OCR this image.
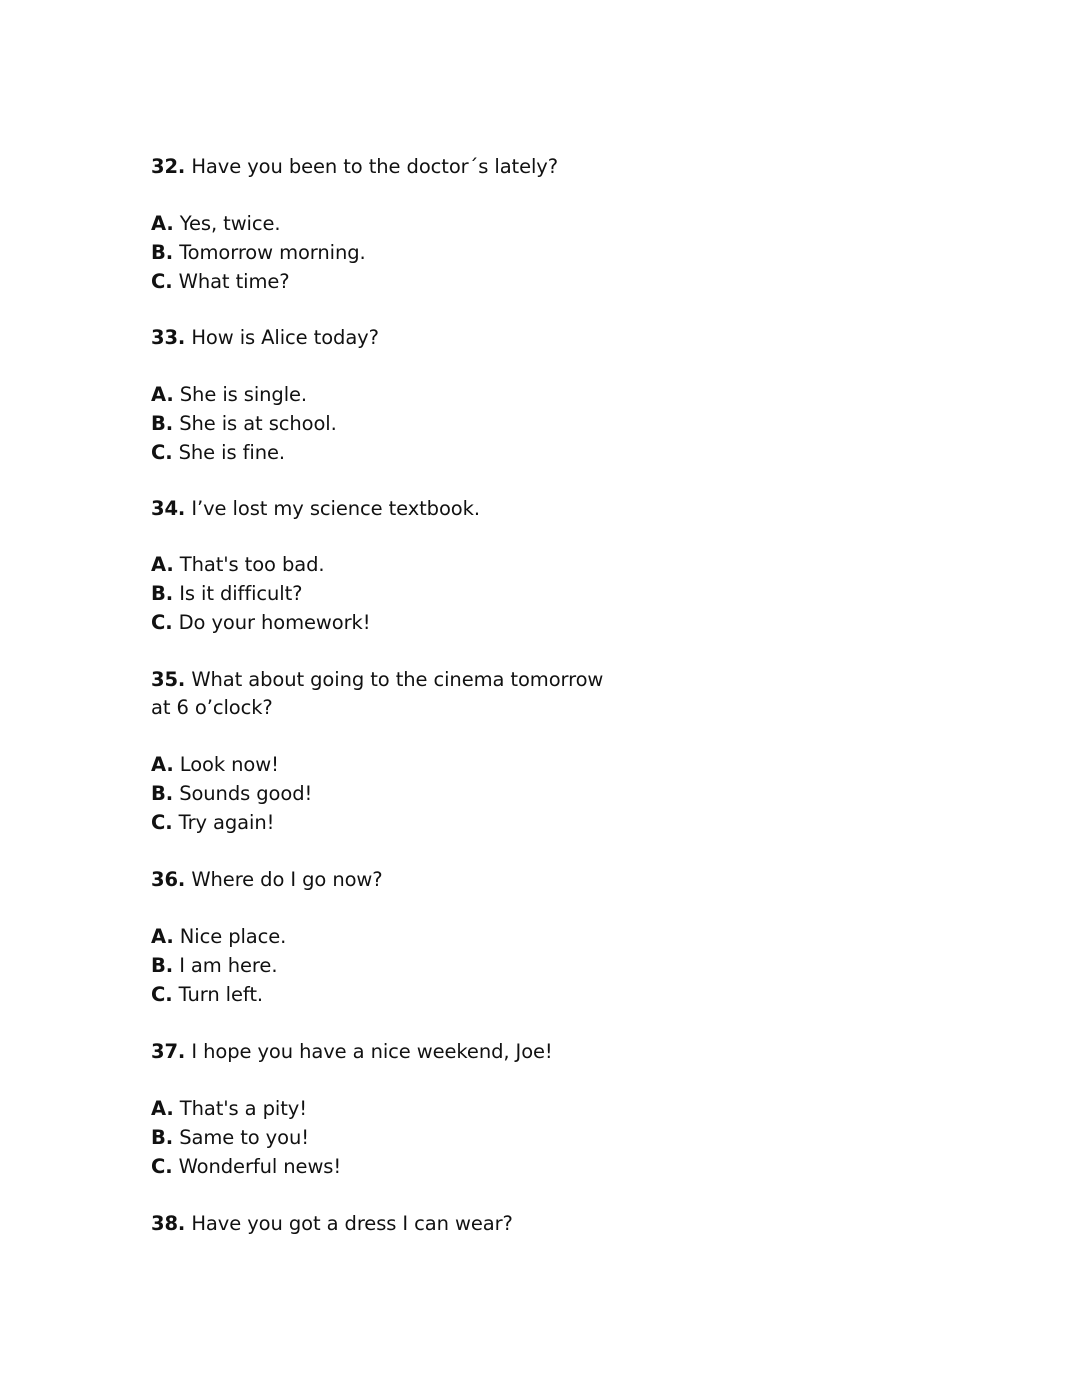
32. Have you been to the doctor´s lately?
A. Yes, twice.
B. Tomorrow morning.
C. What time?
33. How is Alice today?
A. She is single.
B. She is at school.
C. She is fine.
34. I’ve lost my science textbook.
A. That's too bad.
B. Is it difficult?
C. Do your homework!
35. What about going to the cinema tomorrow
at 6 o’clock?
A. Look now!
B. Sounds good!
C. Try again!
36. Where do I go now?
A. Nice place.
B. I am here.
C. Turn left.
37. I hope you have a nice weekend, Joe!
A. That's a pity!
B. Same to you!
C. Wonderful news!
38. Have you got a dress I can wear?
